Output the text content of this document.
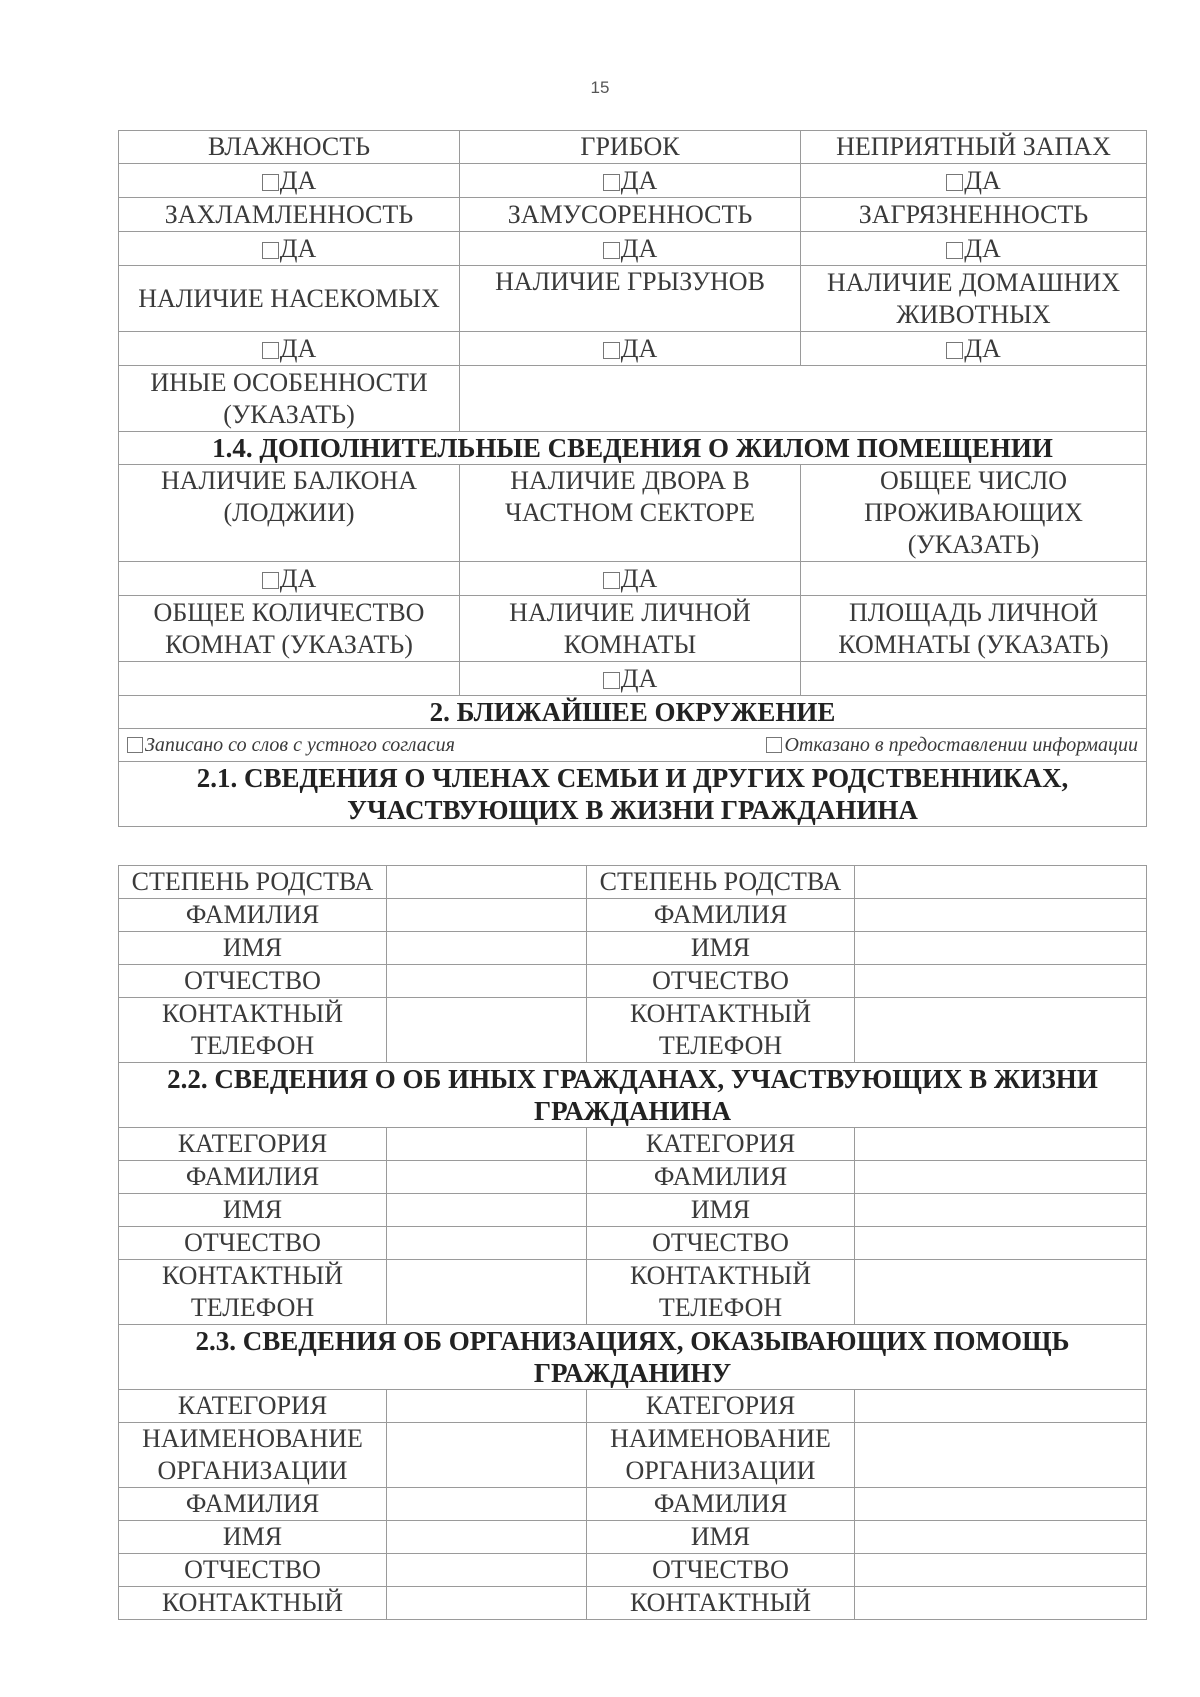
15
ВЛАЖНОСТЬ	ГРИБОК	НЕПРИЯТНЫЙ ЗАПАХ
ДА	ДА	ДА
ЗАХЛАМЛЕННОСТЬ	ЗАМУСОРЕННОСТЬ	ЗАГРЯЗНЕННОСТЬ
ДА	ДА	ДА
НАЛИЧИЕ НАСЕКОМЫХ	НАЛИЧИЕ ГРЫЗУНОВ	НАЛИЧИЕ ДОМАШНИХ ЖИВОТНЫХ
ДА	ДА	ДА
ИНЫЕ ОСОБЕННОСТИ (УКАЗАТЬ)		
1.4. ДОПОЛНИТЕЛЬНЫЕ СВЕДЕНИЯ О ЖИЛОМ ПОМЕЩЕНИИ		
НАЛИЧИЕ БАЛКОНА (ЛОДЖИИ)	НАЛИЧИЕ ДВОРА В ЧАСТНОМ СЕКТОРЕ	ОБЩЕЕ ЧИСЛО ПРОЖИВАЮЩИХ (УКАЗАТЬ)
ДА	ДА	
ОБЩЕЕ КОЛИЧЕСТВО КОМНАТ (УКАЗАТЬ)	НАЛИЧИЕ ЛИЧНОЙ КОМНАТЫ	ПЛОЩАДЬ ЛИЧНОЙ КОМНАТЫ (УКАЗАТЬ)
	ДА	
2. БЛИЖАЙШЕЕ ОКРУЖЕНИЕ		
Записано со слов с устного согласия Отказано в предоставлении информации		

2.1. СВЕДЕНИЯ О ЧЛЕНАХ СЕМЬИ И ДРУГИХ РОДСТВЕННИКАХ, УЧАСТВУЮЩИХ В ЖИЗНИ ГРАЖДАНИНА		
СТЕПЕНЬ РОДСТВА		СТЕПЕНЬ РОДСТВА	
ФАМИЛИЯ		ФАМИЛИЯ	
ИМЯ		ИМЯ	
ОТЧЕСТВО		ОТЧЕСТВО	
КОНТАКТНЫЙ ТЕЛЕФОН		КОНТАКТНЫЙ ТЕЛЕФОН	
2.2. СВЕДЕНИЯ О ОБ ИНЫХ ГРАЖДАНАХ, УЧАСТВУЮЩИХ В ЖИЗНИ ГРАЖДАНИНА			
КАТЕГОРИЯ		КАТЕГОРИЯ	
ФАМИЛИЯ		ФАМИЛИЯ	
ИМЯ		ИМЯ	
ОТЧЕСТВО		ОТЧЕСТВО	
КОНТАКТНЫЙ ТЕЛЕФОН		КОНТАКТНЫЙ ТЕЛЕФОН	
2.3. СВЕДЕНИЯ ОБ ОРГАНИЗАЦИЯХ, ОКАЗЫВАЮЩИХ ПОМОЩЬ ГРАЖДАНИНУ			
КАТЕГОРИЯ		КАТЕГОРИЯ	
НАИМЕНОВАНИЕ ОРГАНИЗАЦИИ		НАИМЕНОВАНИЕ ОРГАНИЗАЦИИ	
ФАМИЛИЯ		ФАМИЛИЯ	
ИМЯ		ИМЯ	
ОТЧЕСТВО		ОТЧЕСТВО	
КОНТАКТНЫЙ		КОНТАКТНЫЙ	
